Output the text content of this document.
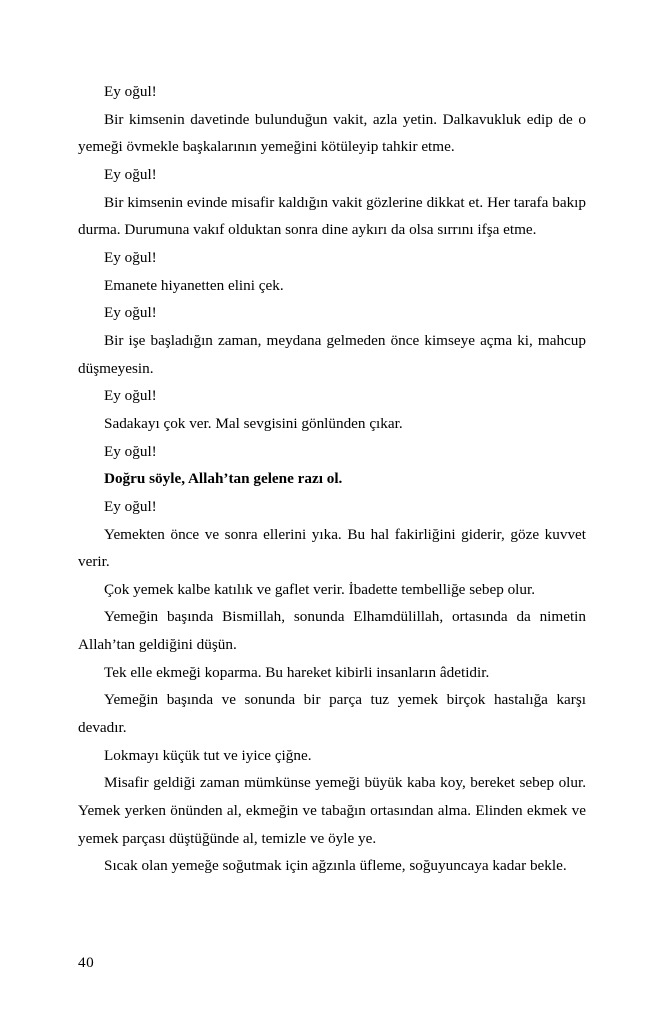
Ey oğul!

Bir kimsenin davetinde bulunduğun vakit, azla yetin. Dalkavukluk edip de o yemeği övmekle başkalarının yemeğini kötüleyip tahkir etme.

Ey oğul!

Bir kimsenin evinde misafir kaldığın vakit gözlerine dikkat et. Her tarafa bakıp durma. Durumuna vakıf olduktan sonra dine aykırı da olsa sırrını ifşa etme.

Ey oğul!

Emanete hiyanetten elini çek.

Ey oğul!

Bir işe başladığın zaman, meydana gelmeden önce kimseye açma ki, mahcup düşmeyesin.

Ey oğul!

Sadakayı çok ver. Mal sevgisini gönlünden çıkar.

Ey oğul!

Doğru söyle, Allah’tan gelene razı ol.

Ey oğul!

Yemekten önce ve sonra ellerini yıka. Bu hal fakirliğini giderir, göze kuvvet verir.

Çok yemek kalbe katılık ve gaflet verir. İbadette tembelliğe sebep olur.

Yemeğin başında Bismillah, sonunda Elhamdülillah, ortasında da nimetin Allah’tan geldiğini düşün.

Tek elle ekmeği koparma. Bu hareket kibirli insanların âdetidir.

Yemeğin başında ve sonunda bir parça tuz yemek birçok hastalığa karşı devadır.

Lokmayı küçük tut ve iyice çiğne.

Misafir geldiği zaman mümkünse yemeği büyük kaba koy, bereket sebep olur. Yemek yerken önünden al, ekmeğin ve tabağın ortasından alma. Elinden ekmek ve yemek parçası düştüğünde al, temizle ve öyle ye.

Sıcak olan yemeğe soğutmak için ağzınla üfleme, soğuyuncaya kadar bekle.

40
